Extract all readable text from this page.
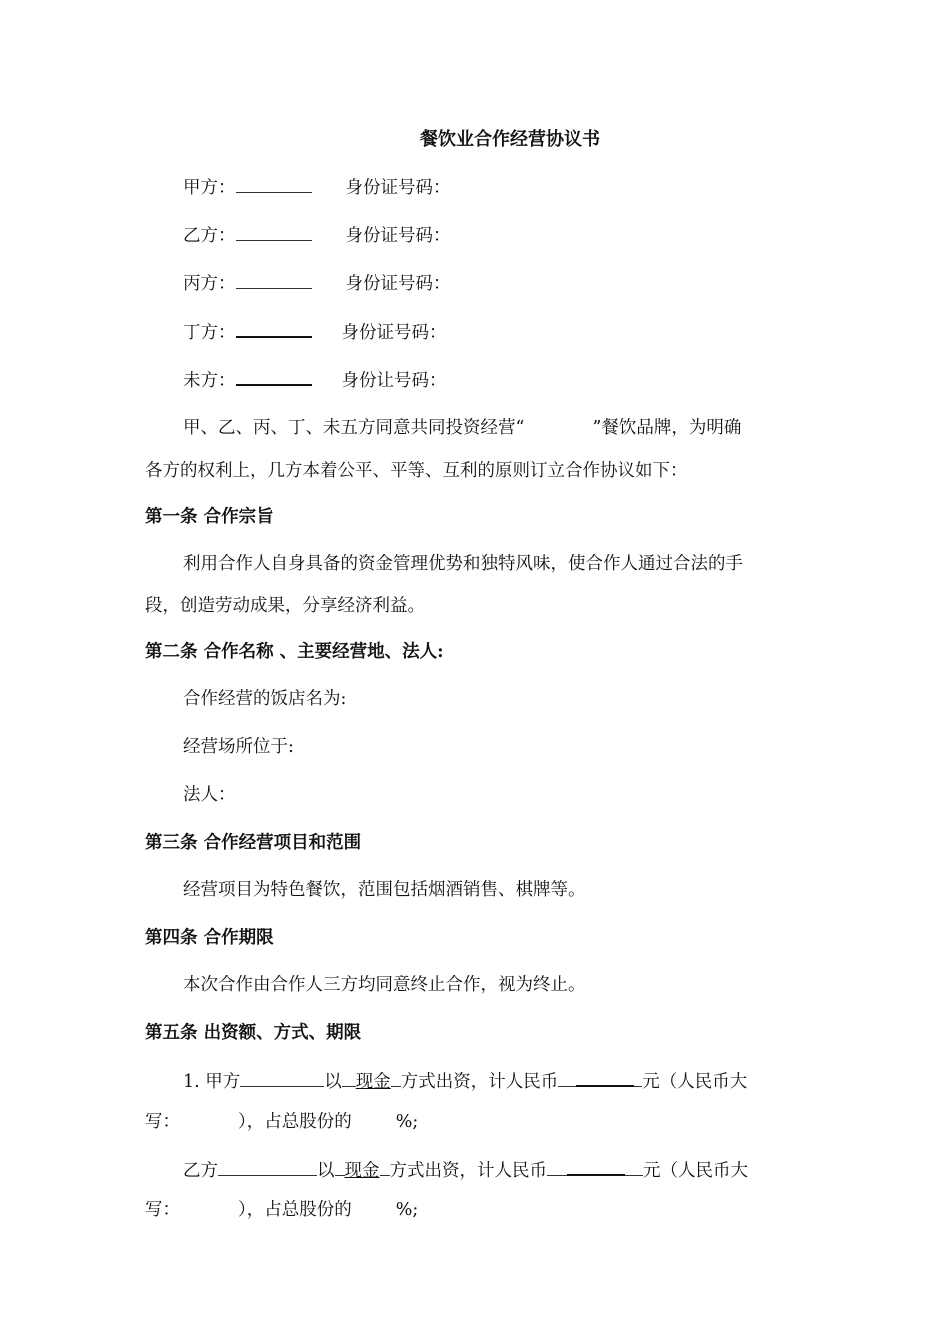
餐饮业合作经营协议书
甲方：	身份证号码：
乙方：	身份证号码：
丙方：	身份证号码：
丁方：	身份证号码：
未方：	身份让号码：
甲、乙、丙、丁、未五方同意共同投资经营“	”餐饮品牌，为明确
各方的权利上，几方本着公平、平等、互利的原则订立合作协议如下：
第一条 合作宗旨
利用合作人自身具备的资金管理优势和独特风味，使合作人通过合法的手
段，创造劳动成果，分享经济利益。
第二条 合作名称 、主要经营地、法人:
合作经营的饭店名为:
经营场所位于:
法人：
第三条 合作经营项目和范围
经营项目为特色餐饮，范围包括烟酒销售、棋牌等。
第四条 合作期限
本次合作由合作人三方均同意终止合作，视为终止。
第五条 出资额、方式、期限
1. 甲方	以 现金 方式出资，计人民币	元（人民币大
写：	），占总股份的	%;
乙方	以 现金 方式出资，计人民币	元（人民币大
写：	），占总股份的	%;
